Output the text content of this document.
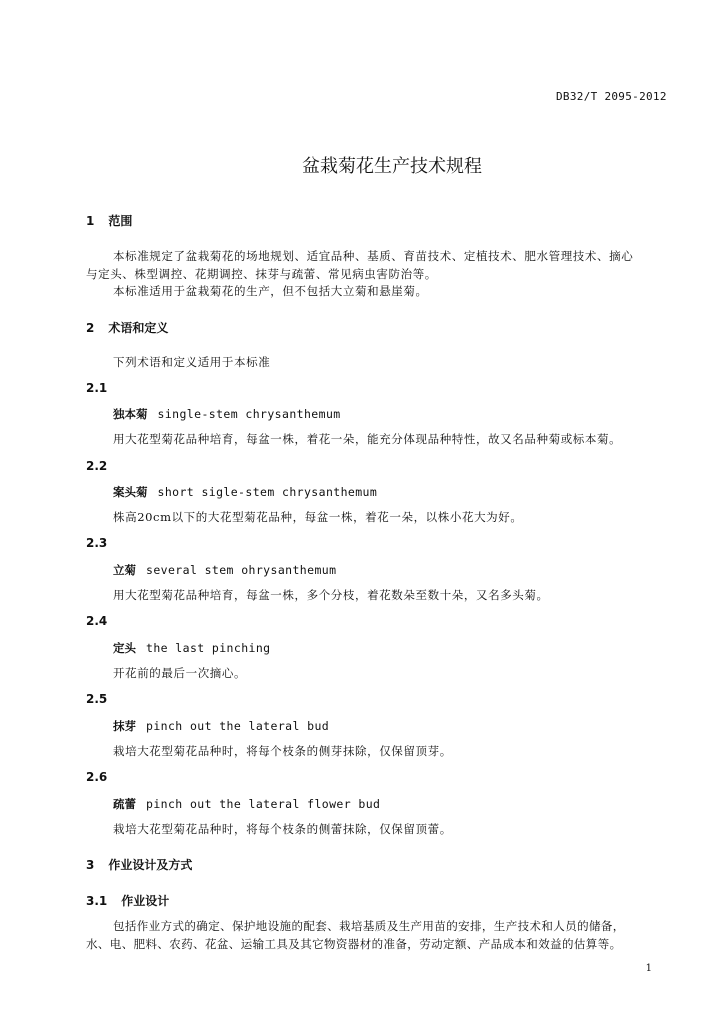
DB32/T 2095-2012
盆栽菊花生产技术规程
1 范围
本标准规定了盆栽菊花的场地规划、适宜品种、基质、育苗技术、定植技术、肥水管理技术、摘心
与定头、株型调控、花期调控、抹芽与疏蕾、常见病虫害防治等。
本标准适用于盆栽菊花的生产，但不包括大立菊和悬崖菊。
2 术语和定义
下列术语和定义适用于本标准
2.1
独本菊 single-stem chrysanthemum
用大花型菊花品种培育，每盆一株，着花一朵，能充分体现品种特性，故又名品种菊或标本菊。
2.2
案头菊 short sigle-stem chrysanthemum
株高20cm以下的大花型菊花品种，每盆一株，着花一朵，以株小花大为好。
2.3
立菊 several stem ohrysanthemum
用大花型菊花品种培育，每盆一株，多个分枝，着花数朵至数十朵，又名多头菊。
2.4
定头 the last pinching
开花前的最后一次摘心。
2.5
抹芽 pinch out the lateral bud
栽培大花型菊花品种时，将每个枝条的侧芽抹除，仅保留顶芽。
2.6
疏蕾 pinch out the lateral flower bud
栽培大花型菊花品种时，将每个枝条的侧蕾抹除，仅保留顶蕾。
3 作业设计及方式
3.1 作业设计
包括作业方式的确定、保护地设施的配套、栽培基质及生产用苗的安排，生产技术和人员的储备，
水、电、肥料、农药、花盆、运输工具及其它物资器材的准备，劳动定额、产品成本和效益的估算等。
1
